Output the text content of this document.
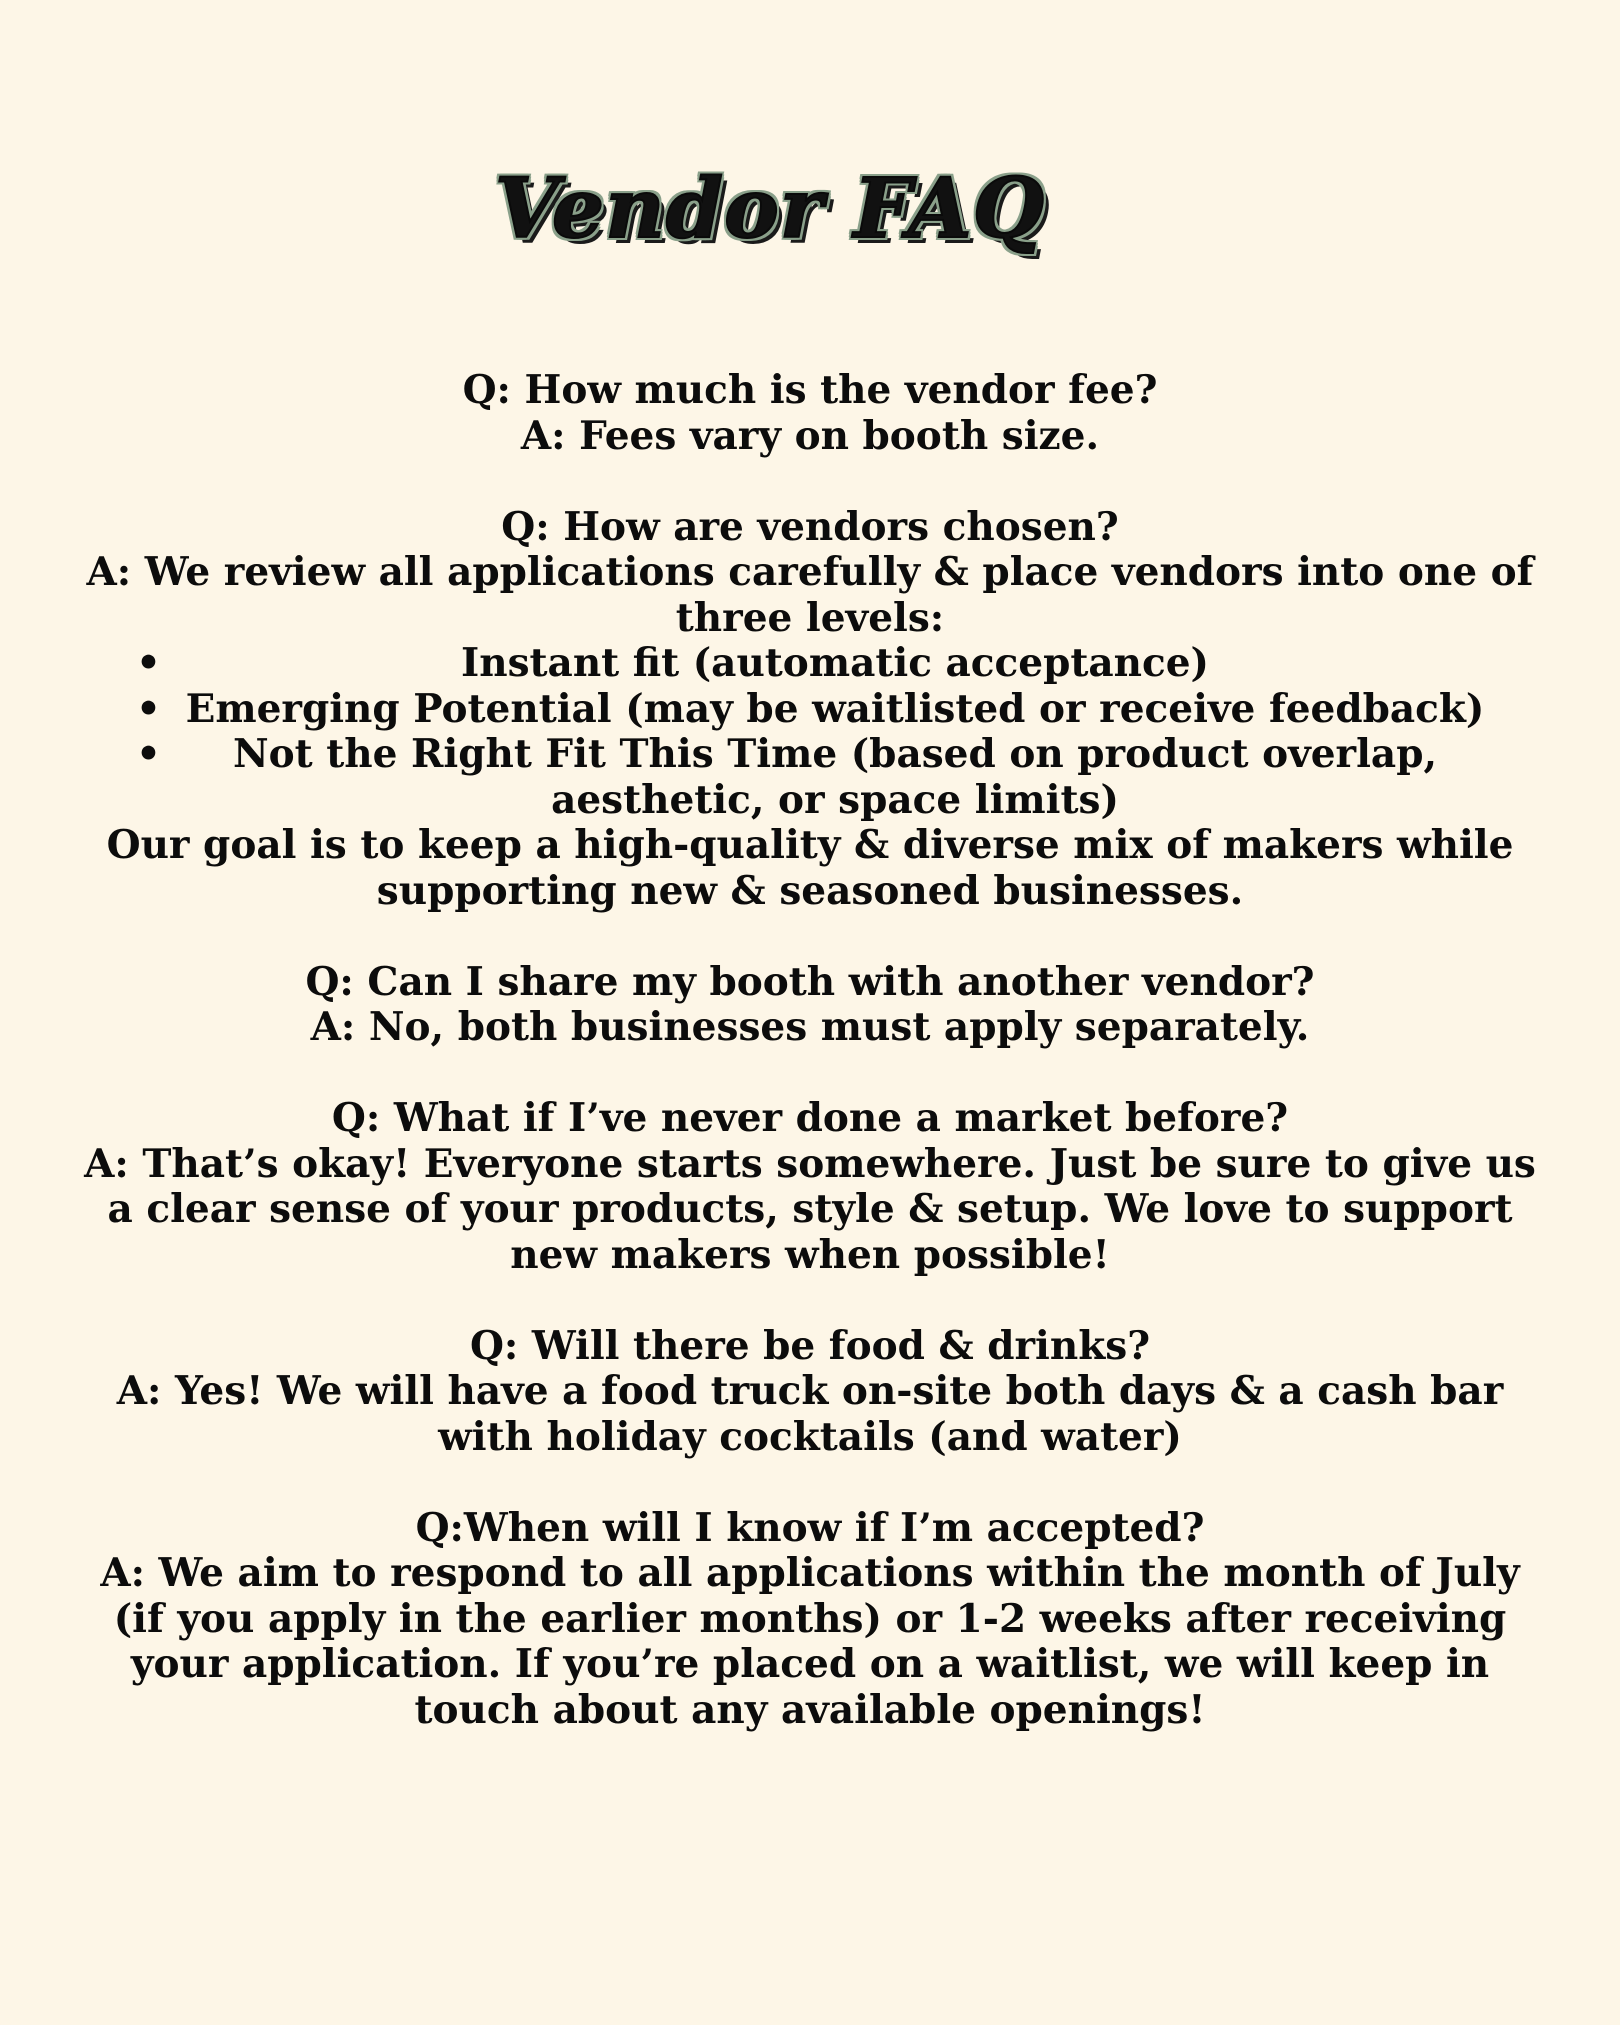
Vendor FAQ
Q: How much is the vendor fee?
A: Fees vary on booth size.
Q: How are vendors chosen?
A: We review all applications carefully & place vendors into one of three levels:
•	Instant fit (automatic acceptance)
• Emerging Potential (may be waitlisted or receive feedback)
• Not the Right Fit This Time (based on product overlap, aesthetic, or space limits)
Our goal is to keep a high-quality & diverse mix of makers while supporting new & seasoned businesses.
Q: Can I share my booth with another vendor?
A: No, both businesses must apply separately.
Q: What if I’ve never done a market before?
A: That’s okay! Everyone starts somewhere. Just be sure to give us a clear sense of your products, style & setup. We love to support new makers when possible!
Q: Will there be food & drinks?
A: Yes! We will have a food truck on-site both days & a cash bar with holiday cocktails (and water)
Q:When will I know if I’m accepted?
A: We aim to respond to all applications within the month of July (if you apply in the earlier months) or 1-2 weeks after receiving your application. If you’re placed on a waitlist, we will keep in touch about any available openings!
